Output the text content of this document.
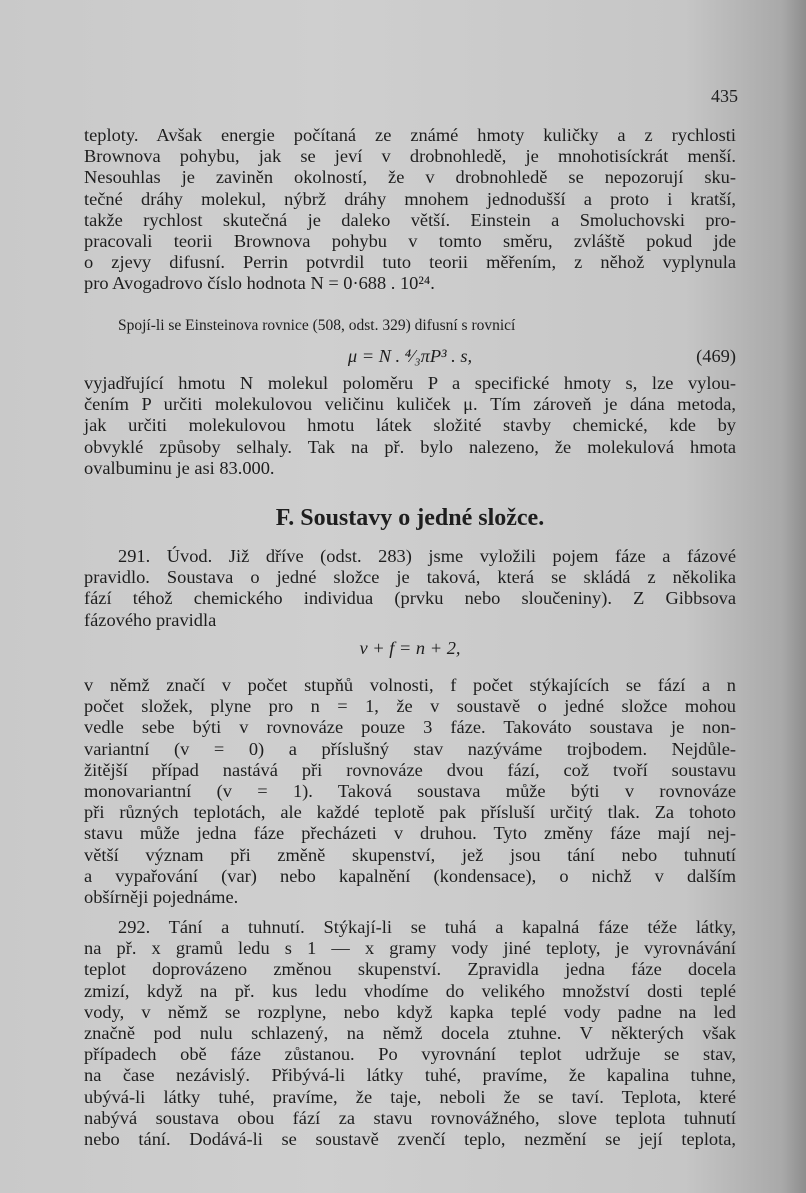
435
teploty. Avšak energie počítaná ze známé hmoty kuličky a z rychlosti
Brownova pohybu, jak se jeví v drobnohledě, je mnohotisíckrát menší.
Nesouhlas je zaviněn okolností, že v drobnohledě se nepozorují sku-
tečné dráhy molekul, nýbrž dráhy mnohem jednodušší a proto i kratší,
takže rychlost skutečná je daleko větší. Einstein a Smoluchovski pro-
pracovali teorii Brownova pohybu v tomto směru, zvláště pokud jde
o zjevy difusní. Perrin potvrdil tuto teorii měřením, z něhož vyplynula
pro Avogadrovo číslo hodnota N = 0·688 . 10²⁴.
Spojí-li se Einsteinova rovnice (508, odst. 329) difusní s rovnicí
μ = N . ⁴⁄₃πP³ . s,	(469)
vyjadřující hmotu N molekul poloměru P a specifické hmoty s, lze vylou-
čením P určiti molekulovou veličinu kuliček μ. Tím zároveň je dána metoda,
jak určiti molekulovou hmotu látek složité stavby chemické, kde by
obvyklé způsoby selhaly. Tak na př. bylo nalezeno, že molekulová hmota
ovalbuminu je asi 83.000.
F. Soustavy o jedné složce.
291. Úvod. Již dříve (odst. 283) jsme vyložili pojem fáze a fázové
pravidlo. Soustava o jedné složce je taková, která se skládá z několika
fází téhož chemického individua (prvku nebo sloučeniny). Z Gibbsova
fázového pravidla
v + f = n + 2,
v němž značí v počet stupňů volnosti, f počet stýkajících se fází a n
počet složek, plyne pro n = 1, že v soustavě o jedné složce mohou
vedle sebe býti v rovnováze pouze 3 fáze. Takováto soustava je non-
variantní (v = 0) a příslušný stav nazýváme trojbodem. Nejdůle-
žitější případ nastává při rovnováze dvou fází, což tvoří soustavu
monovariantní (v = 1). Taková soustava může býti v rovnováze
při různých teplotách, ale každé teplotě pak přísluší určitý tlak. Za tohoto
stavu může jedna fáze přecházeti v druhou. Tyto změny fáze mají nej-
větší význam při změně skupenství, jež jsou tání nebo tuhnutí
a vypařování (var) nebo kapalnění (kondensace), o nichž v dalším
obšírněji pojednáme.
292. Tání a tuhnutí. Stýkají-li se tuhá a kapalná fáze téže látky,
na př. x gramů ledu s 1 — x gramy vody jiné teploty, je vyrovnávání
teplot doprovázeno změnou skupenství. Zpravidla jedna fáze docela
zmizí, když na př. kus ledu vhodíme do velikého množství dosti teplé
vody, v němž se rozplyne, nebo když kapka teplé vody padne na led
značně pod nulu schlazený, na němž docela ztuhne. V některých však
případech obě fáze zůstanou. Po vyrovnání teplot udržuje se stav,
na čase nezávislý. Přibývá-li látky tuhé, pravíme, že kapalina tuhne,
ubývá-li látky tuhé, pravíme, že taje, neboli že se taví. Teplota, které
nabývá soustava obou fází za stavu rovnovážného, slove teplota tuhnutí
nebo tání. Dodává-li se soustavě zvenčí teplo, nezmění se její teplota,
